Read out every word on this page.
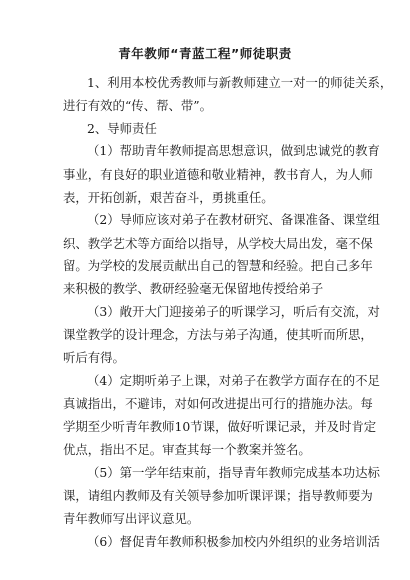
青年教师“青蓝工程”师徒职责
1、利用本校优秀教师与新教师建立一对一的师徒关系，
进行有效的“传、帮、带”。
2、导师责任
（1）帮助青年教师提高思想意识，做到忠诚党的教育
事业，有良好的职业道德和敬业精神，教书育人，为人师
表，开拓创新，艰苦奋斗，勇挑重任。
（2）导师应该对弟子在教材研究、备课准备、课堂组
织、教学艺术等方面给以指导，从学校大局出发，毫不保
留。为学校的发展贡献出自己的智慧和经验。把自己多年
来积极的教学、教研经验毫无保留地传授给弟子
（3）敞开大门迎接弟子的听课学习，听后有交流，对
课堂教学的设计理念，方法与弟子沟通，使其听而所思，
听后有得。
（4）定期听弟子上课，对弟子在教学方面存在的不足
真诚指出，不避讳，对如何改进提出可行的措施办法。每
学期至少听青年教师10节课，做好听课记录，并及时肯定
优点，指出不足。审查其每一个教案并签名。
（5）第一学年结束前，指导青年教师完成基本功达标
课，请组内教师及有关领导参加听课评课；指导教师要为
青年教师写出评议意见。
（6）督促青年教师积极参加校内外组织的业务培训活
